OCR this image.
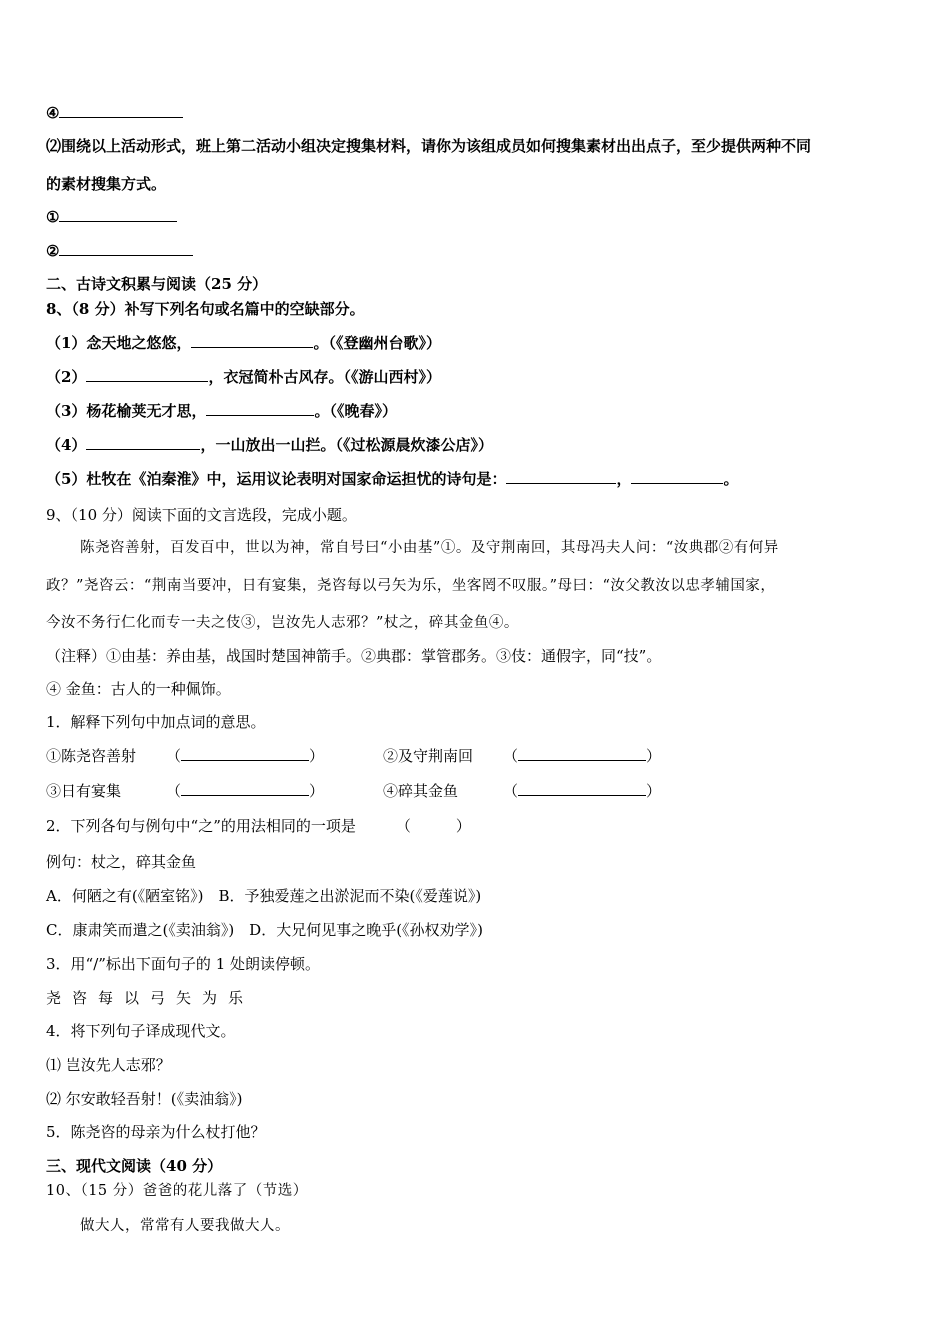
④
⑵围绕以上活动形式，班上第二活动小组决定搜集材料，请你为该组成员如何搜集素材出出点子，至少提供两种不同
的素材搜集方式。
①
②
二、古诗文积累与阅读（25 分）
8、（8 分）补写下列名句或名篇中的空缺部分。
（1）念天地之悠悠，	。（《登幽州台歌》）
（2）	，衣冠简朴古风存。（《游山西村》）
（3）杨花榆荚无才思，	。（《晚春》）
（4）	，一山放出一山拦。（《过松源晨炊漆公店》）
（5）杜牧在《泊秦淮》中，运用议论表明对国家命运担忧的诗句是：	，	。
9、（10 分）阅读下面的文言选段，完成小题。
陈尧咨善射，百发百中，世以为神，常自号曰“小由基”①。及守荆南回，其母冯夫人问：“汝典郡②有何异
政？”尧咨云：“荆南当要冲，日有宴集，尧咨每以弓矢为乐，坐客罔不叹服。”母曰：“汝父教汝以忠孝辅国家，
今汝不务行仁化而专一夫之伎③，岂汝先人志邪？”杖之，碎其金鱼④。
（注释）①由基：养由基，战国时楚国神箭手。②典郡：掌管郡务。③伎：通假字，同“技”。
④ 金鱼：古人的一种佩饰。
1．解释下列句中加点词的意思。
①陈尧咨善射 （	）	②及守荆南回 （	）
③日有宴集	（	）	④碎其金鱼	（	）
2．下列各句与例句中“之”的用法相同的一项是	（　　　）
例句：杖之，碎其金鱼
A．何陋之有(《陋室铭》)　B．予独爱莲之出淤泥而不染(《爱莲说》)
C．康肃笑而遣之(《卖油翁》)　D．大兄何见事之晚乎(《孙权劝学》)
3．用“/”标出下面句子的 1 处朗读停顿。
尧咨每以弓矢为乐
4．将下列句子译成现代文。
⑴ 岂汝先人志邪？
⑵ 尔安敢轻吾射！(《卖油翁》)
5．陈尧咨的母亲为什么杖打他？
三、现代文阅读（40 分）
10、（15 分）爸爸的花儿落了（节选）
做大人，常常有人要我做大人。
